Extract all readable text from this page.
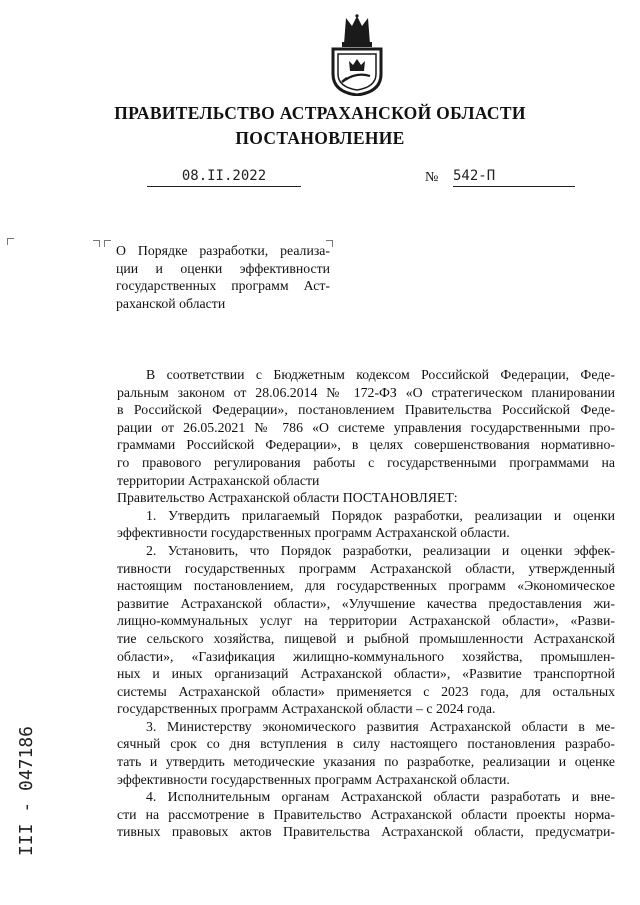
ПРАВИТЕЛЬСТВО АСТРАХАНСКОЙ ОБЛАСТИ
ПОСТАНОВЛЕНИЕ
08.II.2022	№ 542-П
О Порядке разработки, реализа-
ции и оценки эффективности
государственных программ Аст-
раханской области
В соответствии с Бюджетным кодексом Российской Федерации, Феде-
ральным законом от 28.06.2014 № 172-ФЗ «О стратегическом планировании
в Российской Федерации», постановлением Правительства Российской Феде-
рации от 26.05.2021 № 786 «О системе управления государственными про-
граммами Российской Федерации», в целях совершенствования нормативно-
го правового регулирования работы с государственными программами на
территории Астраханской области
Правительство Астраханской области ПОСТАНОВЛЯЕТ:
1. Утвердить прилагаемый Порядок разработки, реализации и оценки
эффективности государственных программ Астраханской области.
2. Установить, что Порядок разработки, реализации и оценки эффек-
тивности государственных программ Астраханской области, утвержденный
настоящим постановлением, для государственных программ «Экономическое
развитие Астраханской области», «Улучшение качества предоставления жи-
лищно-коммунальных услуг на территории Астраханской области», «Разви-
тие сельского хозяйства, пищевой и рыбной промышленности Астраханской
области», «Газификация жилищно-коммунального хозяйства, промышлен-
ных и иных организаций Астраханской области», «Развитие транспортной
системы Астраханской области» применяется с 2023 года, для остальных
государственных программ Астраханской области – с 2024 года.
3. Министерству экономического развития Астраханской области в ме-
сячный срок со дня вступления в силу настоящего постановления разрабо-
тать и утвердить методические указания по разработке, реализации и оценке
эффективности государственных программ Астраханской области.
4. Исполнительным органам Астраханской области разработать и вне-
сти на рассмотрение в Правительство Астраханской области проекты норма-
тивных правовых актов Правительства Астраханской области, предусматри-
ІІІ - 047186
